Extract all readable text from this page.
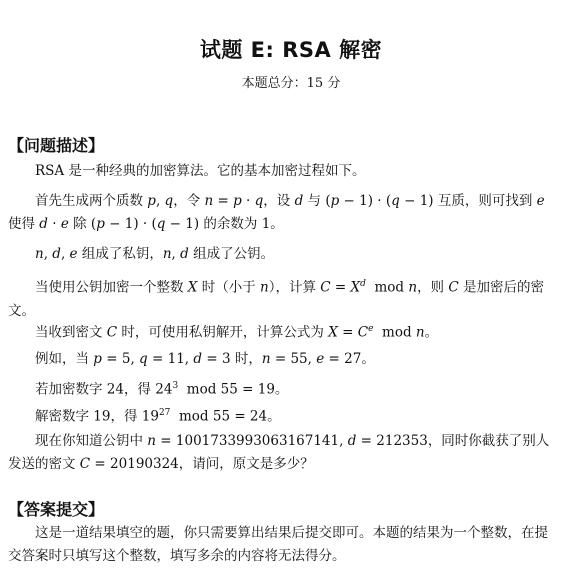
试题 E: RSA 解密
本题总分：15 分
【问题描述】
RSA 是一种经典的加密算法。它的基本加密过程如下。
首先生成两个质数 p, q，令 n = p · q，设 d 与 (p − 1) · (q − 1) 互质，则可找到 e 使得 d · e 除 (p − 1) · (q − 1) 的余数为 1。
n, d, e 组成了私钥，n, d 组成了公钥。
当使用公钥加密一个整数 X 时（小于 n），计算 $C = X^d$  mod n，则 C 是加密后的密文。
当收到密文 C 时，可使用私钥解开，计算公式为 $X = C^e$  mod n。
例如，当 p = 5, q = 11, d = 3 时，n = 55, e = 27。
若加密数字 24，得 $24^3$  mod 55 = 19。
解密数字 19，得 $19^{27}$  mod 55 = 24。
现在你知道公钥中 n = 1001733993063167141, d = 212353，同时你截获了别人发送的密文 C = 20190324，请问，原文是多少？
【答案提交】
这是一道结果填空的题，你只需要算出结果后提交即可。本题的结果为一个整数，在提交答案时只填写这个整数，填写多余的内容将无法得分。
